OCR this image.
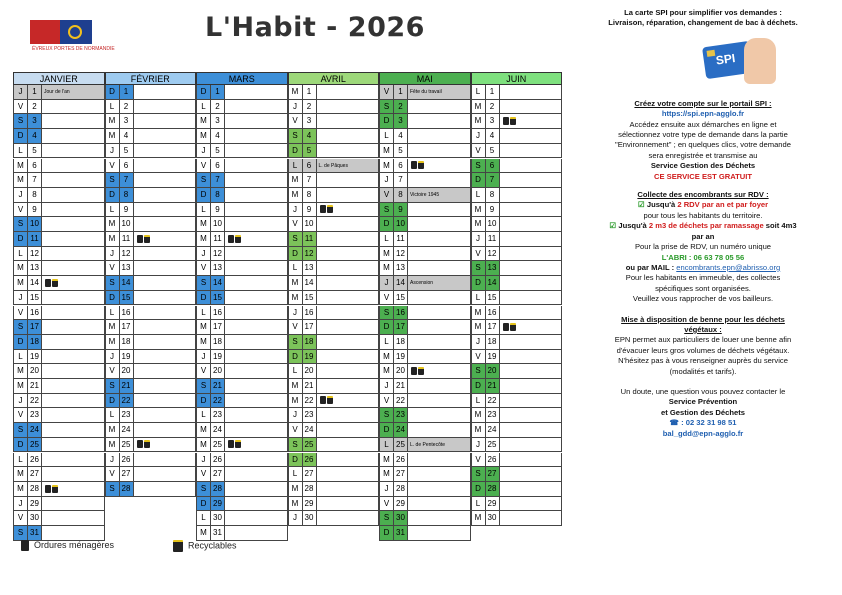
ÉVREUX PORTES DE NORMANDIE
L'Habit - 2026
JANVIER
J	1	Jour de l'an
V	2
S	3
D	4
L	5
M	6
M	7
J	8
V	9
S 10
D 11
L 12
M 13
M 14
J 15
V 16
S 17
D 18
L 19
M 20
M 21
J 22
V 23
S 24
D 25
L 26
M 27
M 28
J 29
V 30
S 31
FÉVRIER
D	1
L	2
M	3
M	4
J	5
V	6
S	7
D	8
L	9
M 10
M 11
J 12
V 13
S 14
D 15
L 16
M 17
M 18
J 19
V 20
S 21
D 22
L 23
M 24
M 25
J 26
V 27
S 28
MARS
D	1
L	2
M	3
M	4
J	5
V	6
S	7
D	8
L	9
M 10
M 11
J 12
V 13
S 14
D 15
L 16
M 17
M 18
J 19
V 20
S 21
D 22
L 23
M 24
M 25
J 26
V 27
S 28
D 29
L 30
M 31
AVRIL
M	1
J	2
V	3
S	4
D	5
L	6	L. de Pâques
M	7
M	8
J	9
V 10
S 11
D 12
L 13
M 14
M 15
J 16
V 17
S 18
D 19
L 20
M 21
M 22
J 23
V 24
S 25
D 26
L 27
M 28
M 29
J 30
MAI
V	1	Fête du travail
S	2
D	3
L	4
M	5
M	6
J	7
V	8	Victoire 1945
S	9
D 10
L 11
M 12
M 13
J 14	Ascension
V 15
S 16
D 17
L 18
M 19
M 20
J 21
V 22
S 23
D 24
L 25	L. de Pentecôte
M 26
M 27
J 28
V 29
S 30
D 31
JUIN
L	1
M	2
M	3
J	4
V	5
S	6
D	7
L	8
M	9
M 10
J 11
V 12
S 13
D 14
L 15
M 16
M 17
J 18
V 19
S 20
D 21
L 22
M 23
M 24
J 25
V 26
S 27
D 28
L 29
M 30
Ordures ménagères	Recyclables
SPI

La carte SPI pour simplifier vos demandes :

Livraison, réparation, changement de bac à déchets.

Créez votre compte sur le portail SPI :

https://spi.epn-agglo.fr

Accédez ensuite aux démarches en ligne et

sélectionnez votre type de demande dans la partie

"Environnement" ; en quelques clics, votre demande

sera enregistrée et transmise au

Service Gestion des Déchets

CE SERVICE EST GRATUIT

Collecte des encombrants sur RDV :

☑ Jusqu'à 2 RDV par an et par foyer

pour tous les habitants du territoire.

☑ Jusqu'à 2 m3 de déchets par ramassage soit 4m3

par an

Pour la prise de RDV, un numéro unique

L'ABRI : 06 63 78 05 56

ou par MAIL : encombrants.epn@abrisso.org

Pour les habitants en immeuble, des collectes

spécifiques sont organisées.

Veuillez vous rapprocher de vos bailleurs.

Mise à disposition de benne pour les déchets

végétaux :

EPN permet aux particuliers de louer une benne afin

d'évacuer leurs gros volumes de déchets végétaux.

N'hésitez pas à vous renseigner auprès du service

(modalités et tarifs).

Un doute, une question vous pouvez contacter le

Service Prévention

et Gestion des Déchets

☎ : 02 32 31 98 51

bal_gdd@epn-agglo.fr
